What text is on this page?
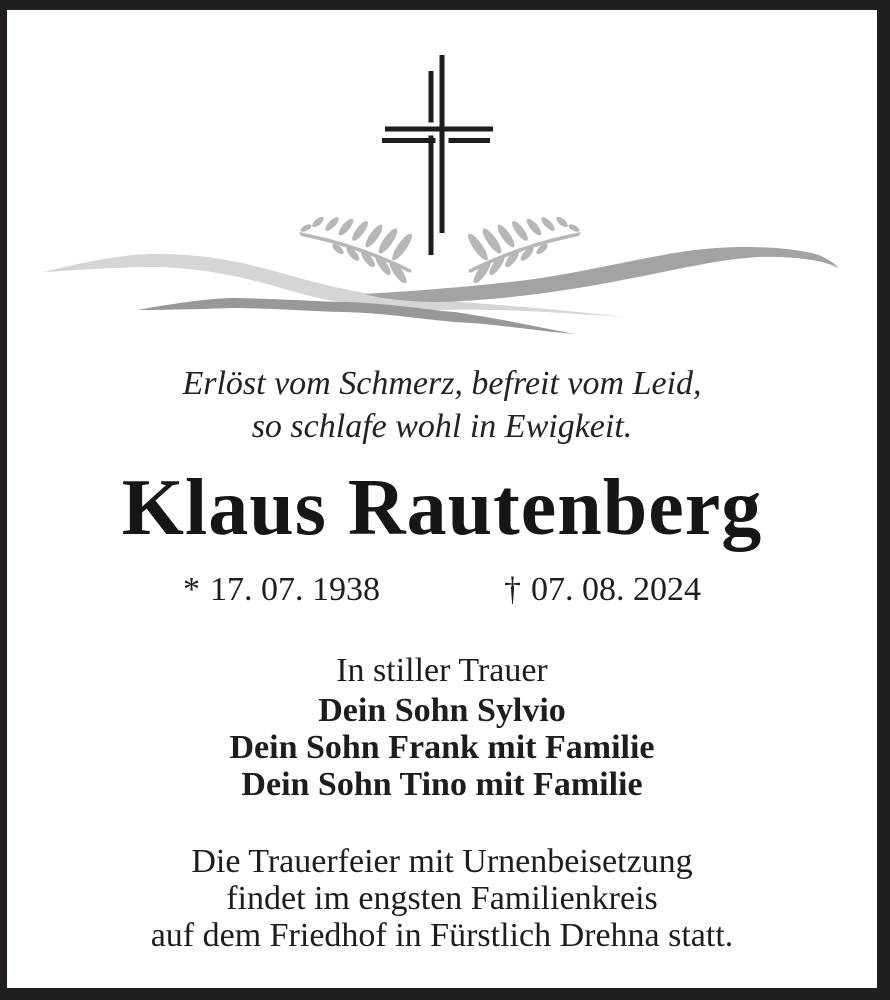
Erlöst vom Schmerz, befreit vom Leid,
so schlafe wohl in Ewigkeit.
Klaus Rautenberg
* 17. 07. 1938	† 07. 08. 2024
In stiller Trauer
Dein Sohn Sylvio
Dein Sohn Frank mit Familie
Dein Sohn Tino mit Familie
Die Trauerfeier mit Urnenbeisetzung
findet im engsten Familienkreis
auf dem Friedhof in Fürstlich Drehna statt.
